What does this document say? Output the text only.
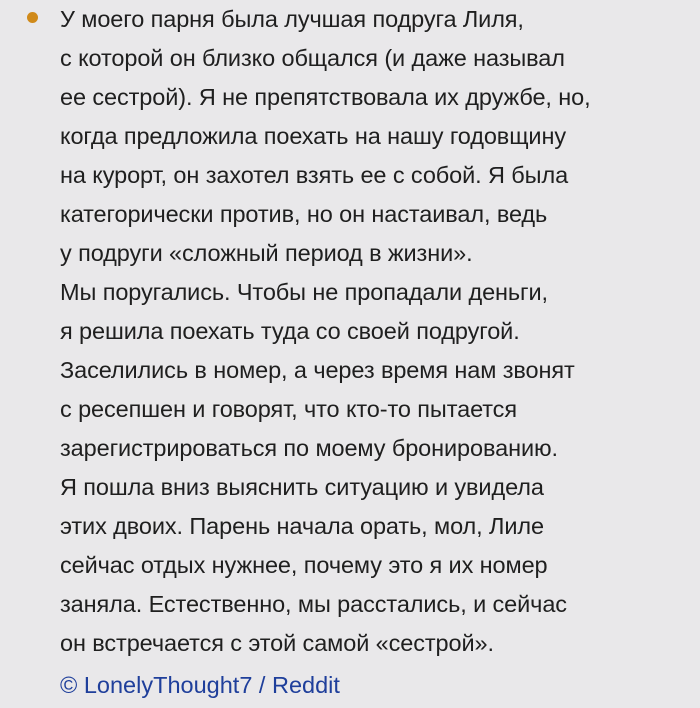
У моего парня была лучшая подруга Лиля,
с которой он близко общался (и даже называл
ее сестрой). Я не препятствовала их дружбе, но,
когда предложила поехать на нашу годовщину
на курорт, он захотел взять ее с собой. Я была
категорически против, но он настаивал, ведь
у подруги «сложный период в жизни».
Мы поругались. Чтобы не пропадали деньги,
я решила поехать туда со своей подругой.
Заселились в номер, а через время нам звонят
с ресепшен и говорят, что кто-то пытается
зарегистрироваться по моему бронированию.
Я пошла вниз выяснить ситуацию и увидела
этих двоих. Парень начала орать, мол, Лиле
сейчас отдых нужнее, почему это я их номер
заняла. Естественно, мы расстались, и сейчас
он встречается с этой самой «сестрой».
© LonelyThought7 / Reddit
